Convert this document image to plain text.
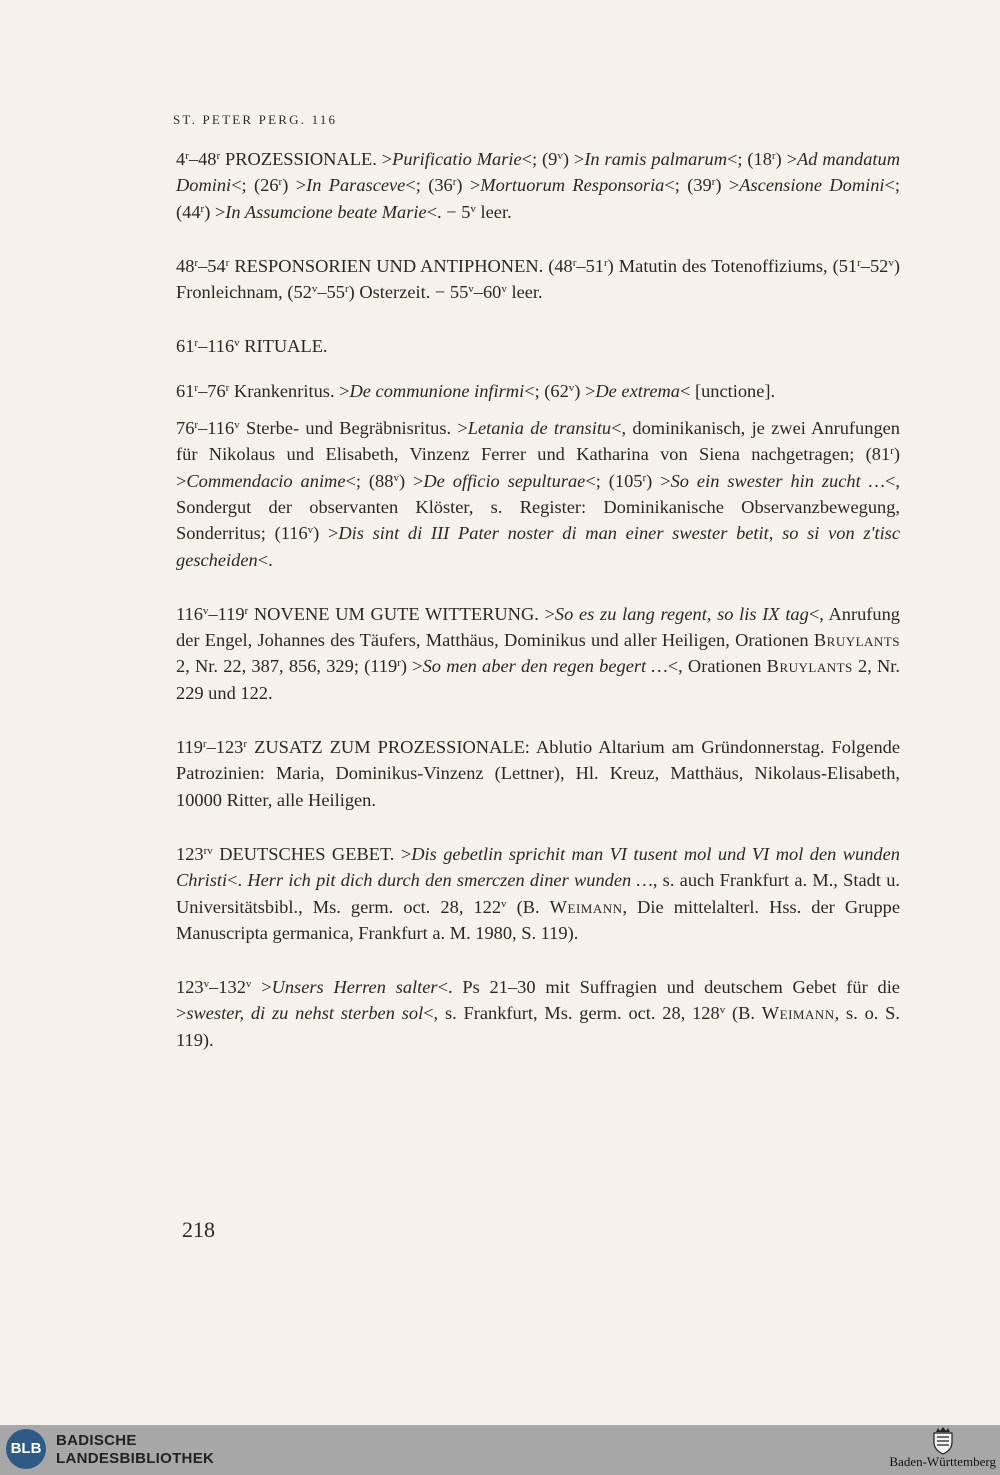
ST. PETER PERG. 116

4$^r$–48$^r$ PROZESSIONALE. >Purificatio Marie<; $(9^v) >In$ ramis palmarum<; $(18^r) >Ad$ mandatum Domini<; $(26^r) >In$ Parasceve<; $(36^r)$ >Mortuorum Responsoria<; $(39^r)$ >Ascensione Domini<; $(44^r) >In$ Assumcione beate Marie<. − $5^v$ leer.

48$^r$–54$^r$ RESPONSORIEN UND ANTIPHONEN. (48$^r$–51$^r$) Matutin des Totenoffiziums, (51$^r$–52$^v$) Fronleichnam, (52$^v$–55$^r$) Osterzeit. − $55^v-60^v$ leer.

61$^r$–116$^v$ RITUALE.

61$^r$–76$^r$ Krankenritus. >De communione infirmi<; $(62^v) >De$ extrema< [unctione].

76$^r$–116$^v$ Sterbe- und Begräbnisritus. >Letania de transitu<, dominikanisch, je zwei Anrufungen für Nikolaus und Elisabeth, Vinzenz Ferrer und Katharina von Siena nachgetragen; $(81^r)$ >Commendacio anime<; $(88^v) >De$ officio sepulturae<; $(105^r) >So$ ein swester hin zucht …<, Sondergut der observanten Klöster, s. Register: Dominikanische Observanzbewegung, Sonderritus; $(116^v) >Dis$ sint di III Pater noster di man einer swester betit, so si von z'tisc gescheiden<.

116$^v$–119$^r$ NOVENE UM GUTE WITTERUNG. >So es zu lang regent, so lis IX tag<, Anrufung der Engel, Johannes des Täufers, Matthäus, Dominikus und aller Heiligen, Orationen Bruylants 2, Nr. 22, 387, 856, 329; $(119^r) >So$ men aber den regen begert …<, Orationen Bruylants 2, Nr. 229 und 122.

119$^r$–123$^r$ ZUSATZ ZUM PROZESSIONALE: Ablutio Altarium am Gründonnerstag. Folgende Patrozinien: Maria, Dominikus-Vinzenz (Lettner), Hl. Kreuz, Matthäus, Nikolaus-Elisabeth, 10000 Ritter, alle Heiligen.

$123^{rv}$ DEUTSCHES GEBET. >Dis gebetlin sprichit man VI tusent mol und VI mol den wunden Christi<. Herr ich pit dich durch den smerczen diner wunden …, s. auch Frankfurt a. M., Stadt u. Universitätsbibl., Ms. germ. oct. 28, 122$^v$ (B. Weimann, Die mittelalterl. Hss. der Gruppe Manuscripta germanica, Frankfurt a. M. 1980, S. 119).

$123^v-132^v$ >Unsers Herren salter<. Ps 21–30 mit Suffragien und deutschem Gebet für die >swester, di zu nehst sterben sol<, s. Frankfurt, Ms. germ. oct. 28, 128$^v$ (B. Weimann, s. o. S. 119).

218
BLB BADISCHE
LANDESBIBLIOTHEK	Baden-Württemberg
